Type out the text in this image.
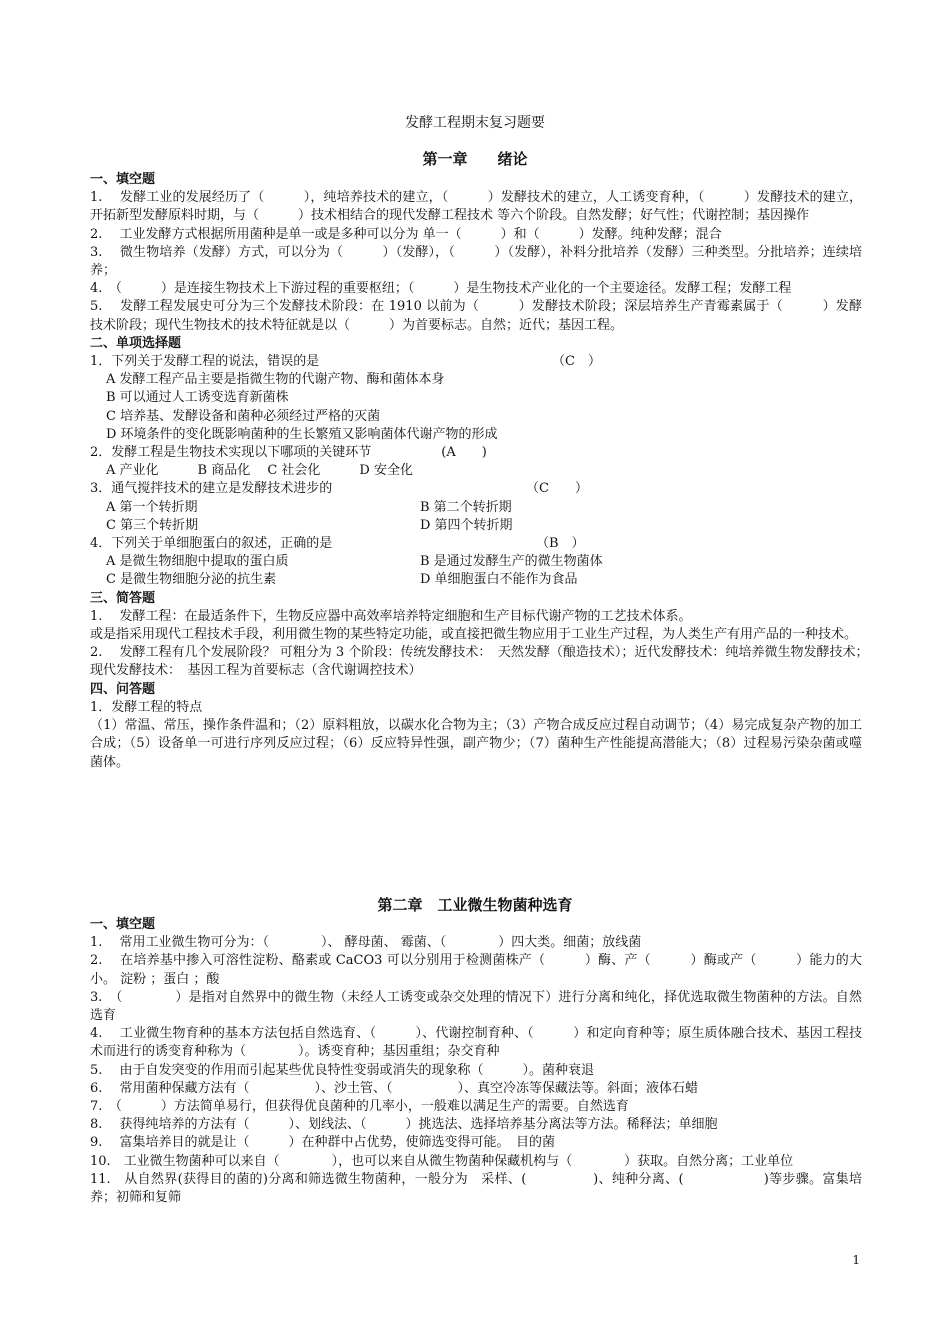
发酵工程期末复习题要
第一章　　绪论

一、填空题

1.　 发酵工业的发展经历了（　　　），纯培养技术的建立，（　　　）发酵技术的建立，人工诱变育种，（　　　）发酵技术的建立，开拓新型发酵原料时期，与（　　　）技术相结合的现代发酵工程技术 等六个阶段。自然发酵；好气性；代谢控制；基因操作

2.　 工业发酵方式根据所用菌种是单一或是多种可以分为 单一（　　　）和（　　　）发酵。纯种发酵；混合

3.　 微生物培养（发酵）方式，可以分为（　　　）（发酵），（　　　）（发酵），补料分批培养（发酵）三种类型。分批培养；连续培养；

4.　（　　　）是连接生物技术上下游过程的重要枢纽；（　　　）是生物技术产业化的一个主要途径。发酵工程；发酵工程

5.　 发酵工程发展史可分为三个发酵技术阶段：在 1910 以前为（　　　）发酵技术阶段；深层培养生产青霉素属于（　　　）发酵技术阶段；现代生物技术的技术特征就是以（　　　）为首要标志。自然；近代；基因工程。

二、单项选择题

1．下列关于发酵工程的说法，错误的是	（C　）

A 发酵工程产品主要是指微生物的代谢产物、酶和菌体本身

B 可以通过人工诱变选育新菌株

C 培养基、发酵设备和菌种必须经过严格的灭菌

D 环境条件的变化既影响菌种的生长繁殖又影响菌体代谢产物的形成

2．发酵工程是生物技术实现以下哪项的关键环节	(A　　)

A 产业化　　　B 商品化　 C 社会化　　　D 安全化

3．通气搅拌技术的建立是发酵技术进步的	（C　　）

A 第一个转折期	B 第二个转折期
C 第三个转折期	D 第四个转折期

4．下列关于单细胞蛋白的叙述，正确的是	（B　）

A 是微生物细胞中提取的蛋白质	B 是通过发酵生产的微生物菌体
C 是微生物细胞分泌的抗生素	D 单细胞蛋白不能作为食品

三、简答题

1.　 发酵工程：在最适条件下，生物反应器中高效率培养特定细胞和生产目标代谢产物的工艺技术体系。

或是指采用现代工程技术手段，利用微生物的某些特定功能，或直接把微生物应用于工业生产过程，为人类生产有用产品的一种技术。

2.　 发酵工程有几个发展阶段？ 可粗分为 3 个阶段：传统发酵技术：　天然发酵（酿造技术）；近代发酵技术：纯培养微生物发酵技术；　现代发酵技术：　基因工程为首要标志（含代谢调控技术）

四、问答题

1．发酵工程的特点

（1）常温、常压，操作条件温和；（2）原料粗放，以碳水化合物为主；（3）产物合成反应过程自动调节；（4）易完成复杂产物的加工合成；（5）设备单一可进行序列反应过程；（6）反应特异性强，副产物少；（7）菌种生产性能提高潜能大；（8）过程易污染杂菌或噬菌体。

第二章　工业微生物菌种选育

一、填空题

1.　 常用工业微生物可分为：（　　　　）、 酵母菌、 霉菌、（　　　　）四大类。细菌；放线菌

2.　 在培养基中掺入可溶性淀粉、酪素或 CaCO3 可以分别用于检测菌株产（　　　）酶、产（　　　）酶或产（　　　）能力的大小。 淀粉 ；蛋白 ；酸

3.　（　　　　）是指对自然界中的微生物（未经人工诱变或杂交处理的情况下）进行分离和纯化，择优选取微生物菌种的方法。自然选育

4.　 工业微生物育种的基本方法包括自然选育、（　　　）、代谢控制育种、（　　　）和定向育种等；原生质体融合技术、基因工程技术而进行的诱变育种称为（　　　　）。诱变育种；基因重组；杂交育种

5.　 由于自发突变的作用而引起某些优良特性变弱或消失的现象称（　　　）。菌种衰退

6.　 常用菌种保藏方法有（　　　　　）、沙土管、（　　　　　）、真空冷冻等保藏法等。斜面；液体石蜡

7.　（　　　）方法简单易行，但获得优良菌种的几率小，一般难以满足生产的需要。自然选育

8.　 获得纯培养的方法有（　　　）、划线法、（　　　）挑选法、选择培养基分离法等方法。稀释法；单细胞

9.　 富集培养目的就是让（　　　）在种群中占优势，使筛选变得可能。　目的菌

10.　工业微生物菌种可以来自（　　　　），也可以来自从微生物菌种保藏机构与（　　　　）获取。自然分离；工业单位

11.　从自然界(获得目的菌的)分离和筛选微生物菌种，一般分为　采样、(　　　　　)、纯种分离、(　　　　　　)等步骤。富集培养；初筛和复筛

1
